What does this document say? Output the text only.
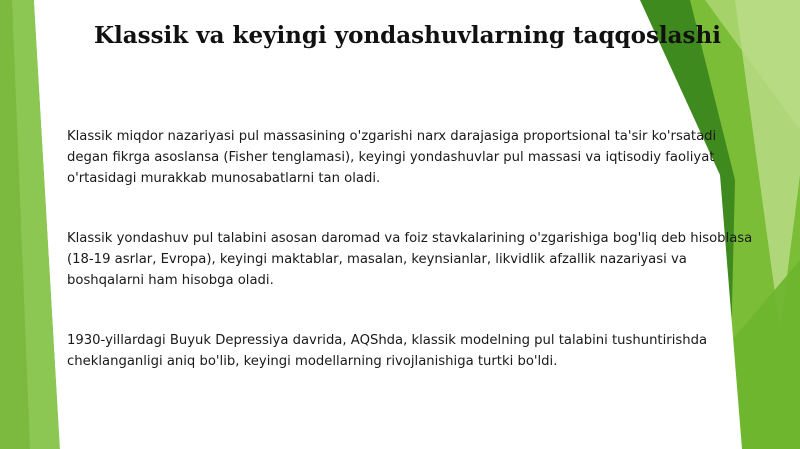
Klassik va keyingi yondashuvlarning taqqoslashi

Klassik miqdor nazariyasi pul massasining o'zgarishi narx darajasiga proportsional ta'sir ko'rsatadi degan fikrga asoslansa (Fisher tenglamasi), keyingi yondashuvlar pul massasi va iqtisodiy faoliyat o'rtasidagi murakkab munosabatlarni tan oladi.

Klassik yondashuv pul talabini asosan daromad va foiz stavkalarining o'zgarishiga bog'liq deb hisoblasa (18-19 asrlar, Evropa), keyingi maktablar, masalan, keynsianlar, likvidlik afzallik nazariyasi va boshqalarni ham hisobga oladi.

1930-yillardagi Buyuk Depressiya davrida, AQShda, klassik modelning pul talabini tushuntirishda cheklanganligi aniq bo'lib, keyingi modellarning rivojlanishiga turtki bo'ldi.
